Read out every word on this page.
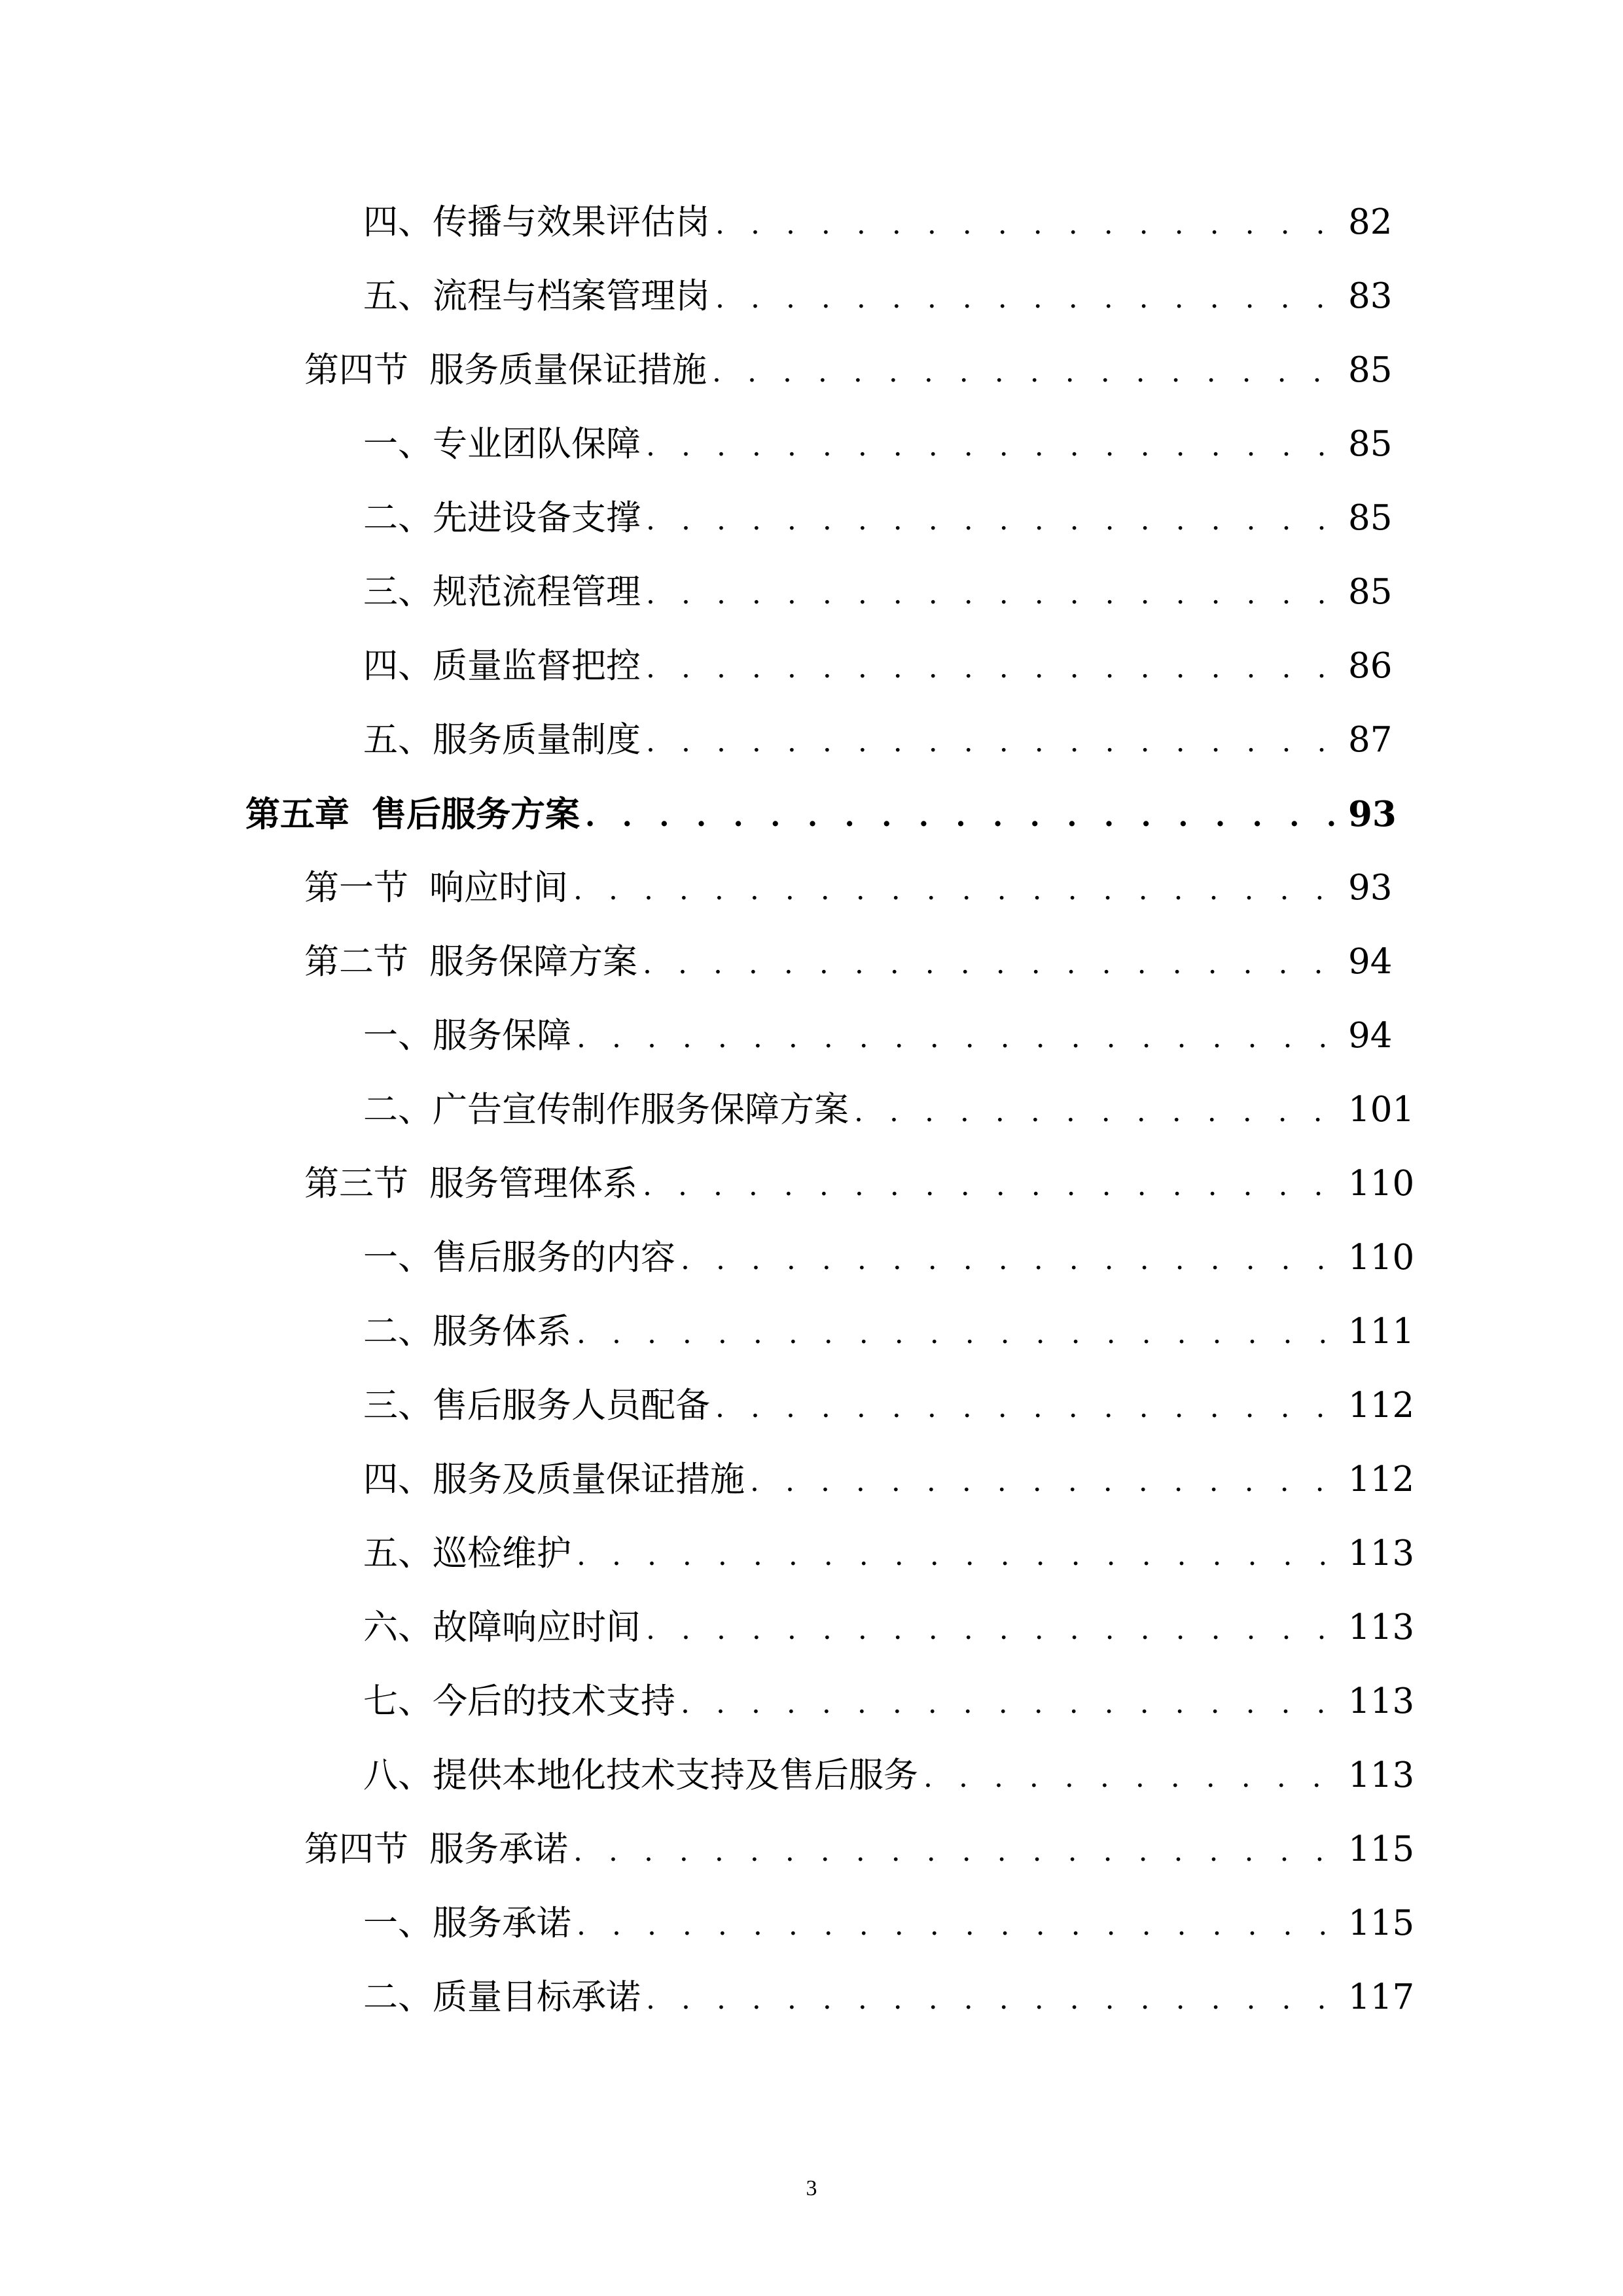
四、 传播与效果评估岗 . . .	82
五、 流程与档案管理岗 . . .	83
第四节 服务质量保证措施 . . .	85
一、 专业团队保障 . . .	85
二、 先进设备支撑 . . .	85
三、 规范流程管理 . . .	85
四、 质量监督把控 . . .	86
五、 服务质量制度 . . .	87
第五章 售后服务方案 . . .	93
第一节 响应时间 . . .	93
第二节 服务保障方案 . . .	94
一、 服务保障 . . .	94
二、 广告宣传制作服务保障方案 . . .	101
第三节 服务管理体系 . . .	110
一、 售后服务的内容 . . .	110
二、 服务体系 . . .	111
三、 售后服务人员配备 . . .	112
四、 服务及质量保证措施 . . .	112
五、 巡检维护 . . .	113
六、 故障响应时间 . . .	113
七、 今后的技术支持 . . .	113
八、 提供本地化技术支持及售后服务 . . .	113
第四节 服务承诺 . . .	115
一、 服务承诺 . . .	115
二、 质量目标承诺 . . .	117
3
